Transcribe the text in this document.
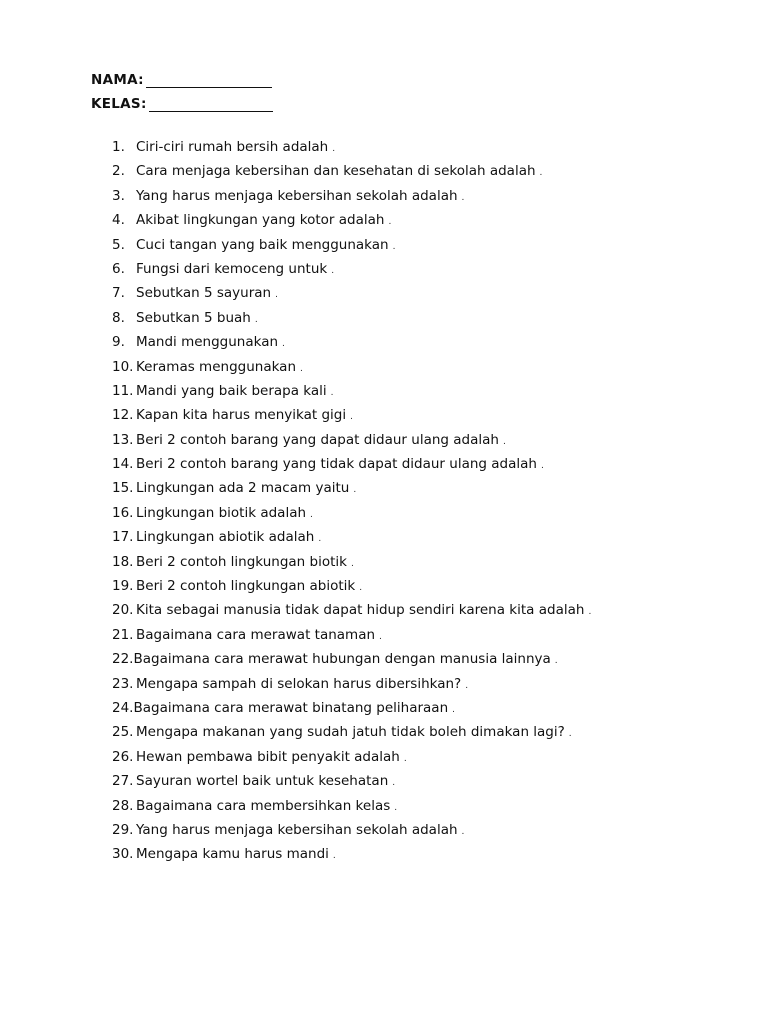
NAMA:
KELAS:
1. Ciri-ciri rumah bersih adalah .
2. Cara menjaga kebersihan dan kesehatan di sekolah adalah .
3. Yang harus menjaga kebersihan sekolah adalah .
4. Akibat lingkungan yang kotor adalah .
5. Cuci tangan yang baik menggunakan .
6. Fungsi dari kemoceng untuk .
7. Sebutkan 5 sayuran .
8. Sebutkan 5 buah .
9. Mandi menggunakan .
10. Keramas menggunakan .
11. Mandi yang baik berapa kali .
12. Kapan kita harus menyikat gigi .
13. Beri 2 contoh barang yang dapat didaur ulang adalah .
14. Beri 2 contoh barang yang tidak dapat didaur ulang adalah .
15. Lingkungan ada 2 macam yaitu .
16. Lingkungan biotik adalah .
17. Lingkungan abiotik adalah .
18. Beri 2 contoh lingkungan biotik .
19. Beri 2 contoh lingkungan abiotik .
20. Kita sebagai manusia tidak dapat hidup sendiri karena kita adalah .
21. Bagaimana cara merawat tanaman .
22. Bagaimana cara merawat hubungan dengan manusia lainnya .
23. Mengapa sampah di selokan harus dibersihkan? .
24. Bagaimana cara merawat binatang peliharaan .
25. Mengapa makanan yang sudah jatuh tidak boleh dimakan lagi? .
26. Hewan pembawa bibit penyakit adalah .
27. Sayuran wortel baik untuk kesehatan .
28. Bagaimana cara membersihkan kelas .
29. Yang harus menjaga kebersihan sekolah adalah .
30. Mengapa kamu harus mandi .
